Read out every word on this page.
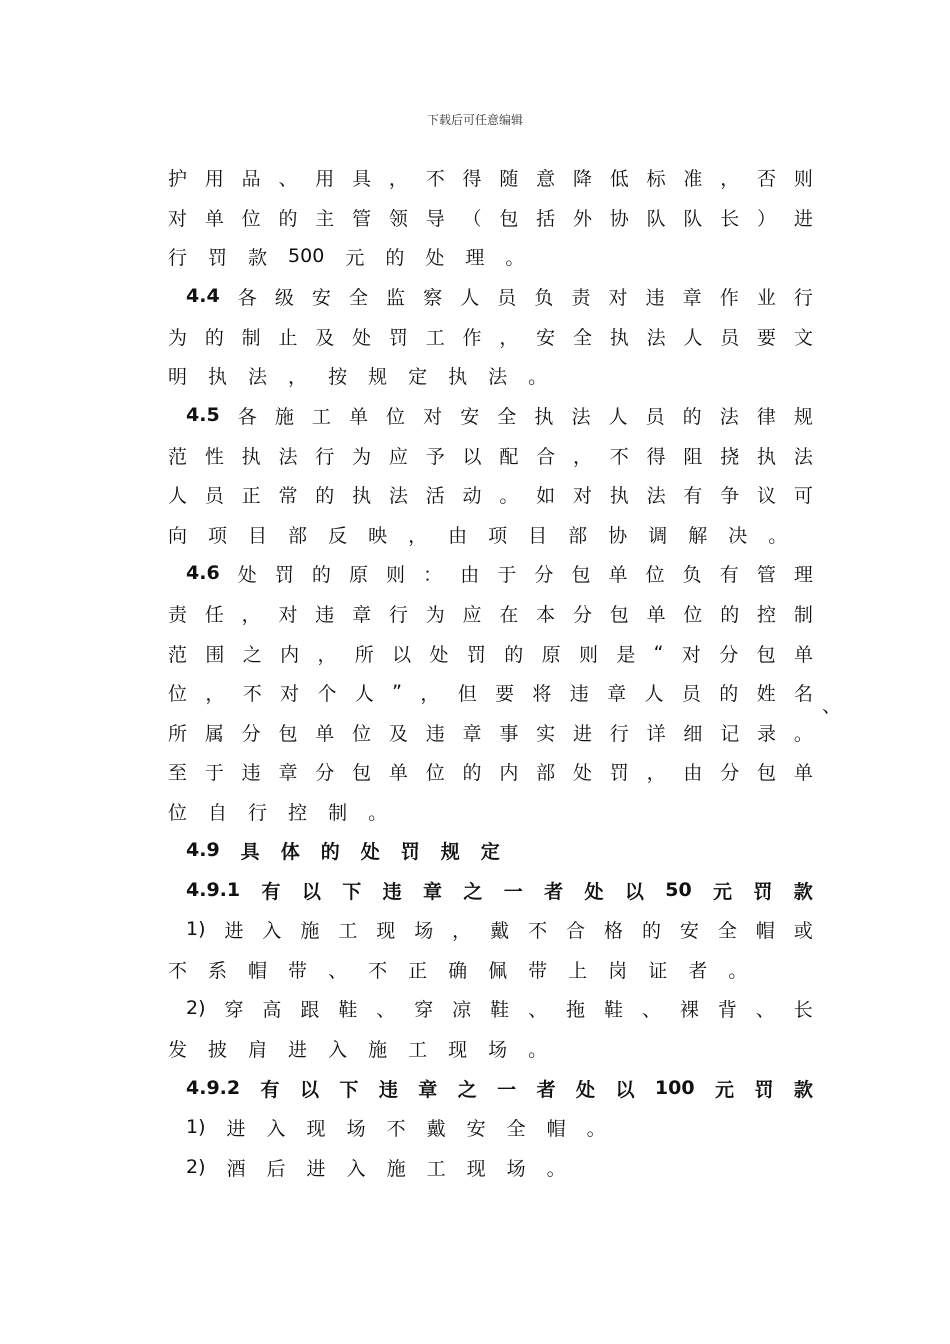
下载后可任意编辑
护 用 品 、 用 具 ， 不 得 随 意 降 低 标 准 ， 否 则
对 单 位 的 主 管 领 导 （ 包 括 外 协 队 队 长 ） 进
行 罚 款 500 元 的 处 理 。
4.4 各 级 安 全 监 察 人 员 负 责 对 违 章 作 业 行
为 的 制 止 及 处 罚 工 作 ， 安 全 执 法 人 员 要 文
明 执 法 ， 按 规 定 执 法 。
4.5 各 施 工 单 位 对 安 全 执 法 人 员 的 法 律 规
范 性 执 法 行 为 应 予 以 配 合 ， 不 得 阻 挠 执 法
人 员 正 常 的 执 法 活 动 。 如 对 执 法 有 争 议 可
向 项 目 部 反 映 ， 由 项 目 部 协 调 解 决 。
4.6 处 罚 的 原 则 ： 由 于 分 包 单 位 负 有 管 理
责 任 ， 对 违 章 行 为 应 在 本 分 包 单 位 的 控 制
范 围 之 内 ， 所 以 处 罚 的 原 则 是 “ 对 分 包 单
位 ， 不 对 个 人 ” ， 但 要 将 违 章 人 员 的 姓 名
所 属 分 包 单 位 及 违 章 事 实 进 行 详 细 记 录 。
至 于 违 章 分 包 单 位 的 内 部 处 罚 ， 由 分 包 单
位 自 行 控 制 。
4.9 具 体 的 处 罚 规 定
4.9.1 有 以 下 违 章 之 一 者 处 以 50 元 罚 款
1) 进 入 施 工 现 场 ， 戴 不 合 格 的 安 全 帽 或
不 系 帽 带 、 不 正 确 佩 带 上 岗 证 者 。
2) 穿 高 跟 鞋 、 穿 凉 鞋 、 拖 鞋 、 裸 背 、 长
发 披 肩 进 入 施 工 现 场 。
4.9.2 有 以 下 违 章 之 一 者 处 以 100 元 罚 款
1) 进 入 现 场 不 戴 安 全 帽 。
2) 酒 后 进 入 施 工 现 场 。
、
